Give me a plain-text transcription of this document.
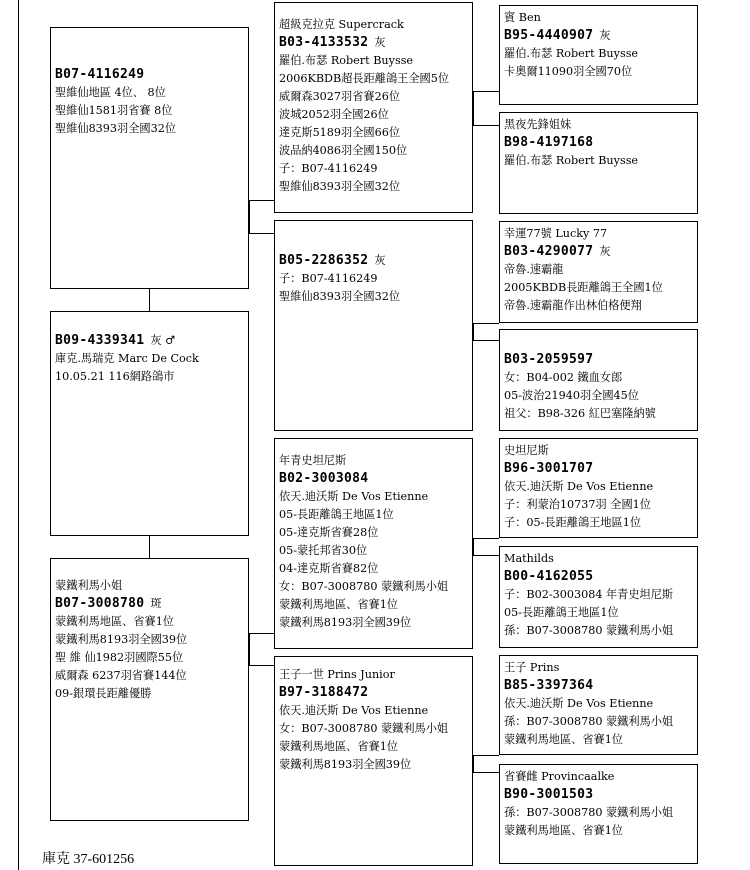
B07-4116249
聖維仙地區 4位、 8位
聖維仙1581羽省賽 8位
聖維仙8393羽全國32位
B09-4339341 灰 ♂
庫克.馬瑞克 Marc De Cock
10.05.21 116網路鴿市
蒙鐵利馬小姐
B07-3008780 斑
蒙鐵利馬地區、省賽1位
蒙鐵利馬8193羽全國39位
聖 維 仙1982羽國際55位
威爾森 6237羽省賽144位
09-銀環長距離優勝
超級克拉克 Supercrack
B03-4133532 灰
羅伯.布瑟 Robert Buysse
2006KBDB超長距離鴿王全國5位
威爾森3027羽省賽26位
波城2052羽全國26位
達克斯5189羽全國66位
波品納4086羽全國150位
子：B07-4116249
聖維仙8393羽全國32位
B05-2286352 灰
子：B07-4116249
聖維仙8393羽全國32位
年青史坦尼斯
B02-3003084
依天.迪沃斯 De Vos Etienne
05-長距離鴿王地區1位
05-達克斯省賽28位
05-蒙托邦省30位
04-達克斯省賽82位
女：B07-3008780 蒙鐵利馬小姐
蒙鐵利馬地區、省賽1位
蒙鐵利馬8193羽全國39位
王子一世 Prins Junior
B97-3188472
依天.迪沃斯 De Vos Etienne
女：B07-3008780 蒙鐵利馬小姐
蒙鐵利馬地區、省賽1位
蒙鐵利馬8193羽全國39位
賓 Ben
B95-4440907 灰
羅伯.布瑟 Robert Buysse
卡奧爾11090羽全國70位
黑夜先鋒姐妹
B98-4197168
羅伯.布瑟 Robert Buysse
幸運77號 Lucky 77
B03-4290077 灰
帝魯.速霸龍
2005KBDB長距離鴿王全國1位
帝魯.速霸龍作出林伯格便翔
B03-2059597
女：B04-002 鐵血女郎
05-波治21940羽全國45位
祖父：B98-326 紅巴塞隆納號
史坦尼斯
B96-3001707
依天.迪沃斯 De Vos Etienne
子：利蒙治10737羽 全國1位
子：05-長距離鴿王地區1位
Mathilds
B00-4162055
子：B02-3003084 年青史坦尼斯
05-長距離鴿王地區1位
孫：B07-3008780 蒙鐵利馬小姐
王子 Prins
B85-3397364
依天.迪沃斯 De Vos Etienne
孫：B07-3008780 蒙鐵利馬小姐
蒙鐵利馬地區、省賽1位
省賽雌 Provincaalke
B90-3001503
孫：B07-3008780 蒙鐵利馬小姐
蒙鐵利馬地區、省賽1位
庫克 37-601256
